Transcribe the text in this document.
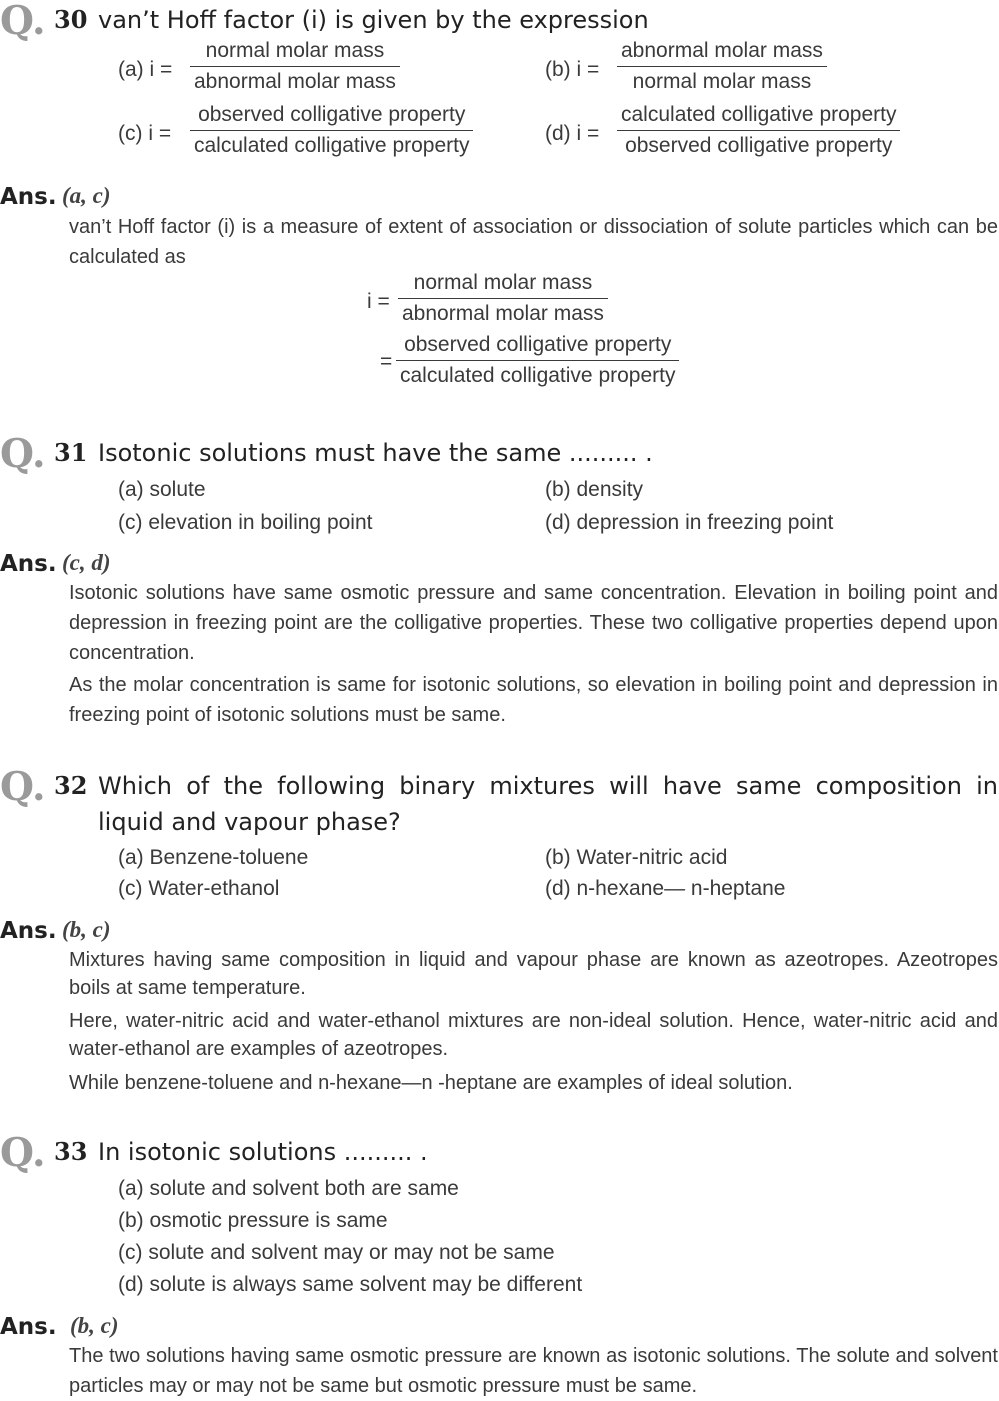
Q. 30 van’t Hoff factor (i) is given by the expression
(a) i =
normal molar mass
abnormal molar mass
(b) i =
abnormal molar mass
normal molar mass
(c) i =
observed colligative property
calculated colligative property
(d) i =
calculated colligative property
observed colligative property
Ans. (a, c)
van’t Hoff factor (i) is a measure of extent of association or dissociation of solute particles which can be calculated as
i =
normal molar mass
abnormal molar mass
=
observed colligative property
calculated colligative property
Q. 31 Isotonic solutions must have the same ......... .
(a) solute	(b) density
(c) elevation in boiling point	(d) depression in freezing point
Ans. (c, d)
Isotonic solutions have same osmotic pressure and same concentration. Elevation in boiling point and depression in freezing point are the colligative properties. These two colligative properties depend upon concentration.
As the molar concentration is same for isotonic solutions, so elevation in boiling point and depression in freezing point of isotonic solutions must be same.
Q. 32 Which of the following binary mixtures will have same composition in
liquid and vapour phase?
(a) Benzene-toluene	(b) Water-nitric acid
(c) Water-ethanol	(d) n-hexane— n-heptane
Ans. (b, c)
Mixtures having same composition in liquid and vapour phase are known as azeotropes. Azeotropes boils at same temperature.
Here, water-nitric acid and water-ethanol mixtures are non-ideal solution. Hence, water-nitric acid and water-ethanol are examples of azeotropes.
While benzene-toluene and n-hexane—n -heptane are examples of ideal solution.
Q. 33 In isotonic solutions ......... .
(a) solute and solvent both are same
(b) osmotic pressure is same
(c) solute and solvent may or may not be same
(d) solute is always same solvent may be different
Ans. (b, c)
The two solutions having same osmotic pressure are known as isotonic solutions. The solute and solvent particles may or may not be same but osmotic pressure must be same.
